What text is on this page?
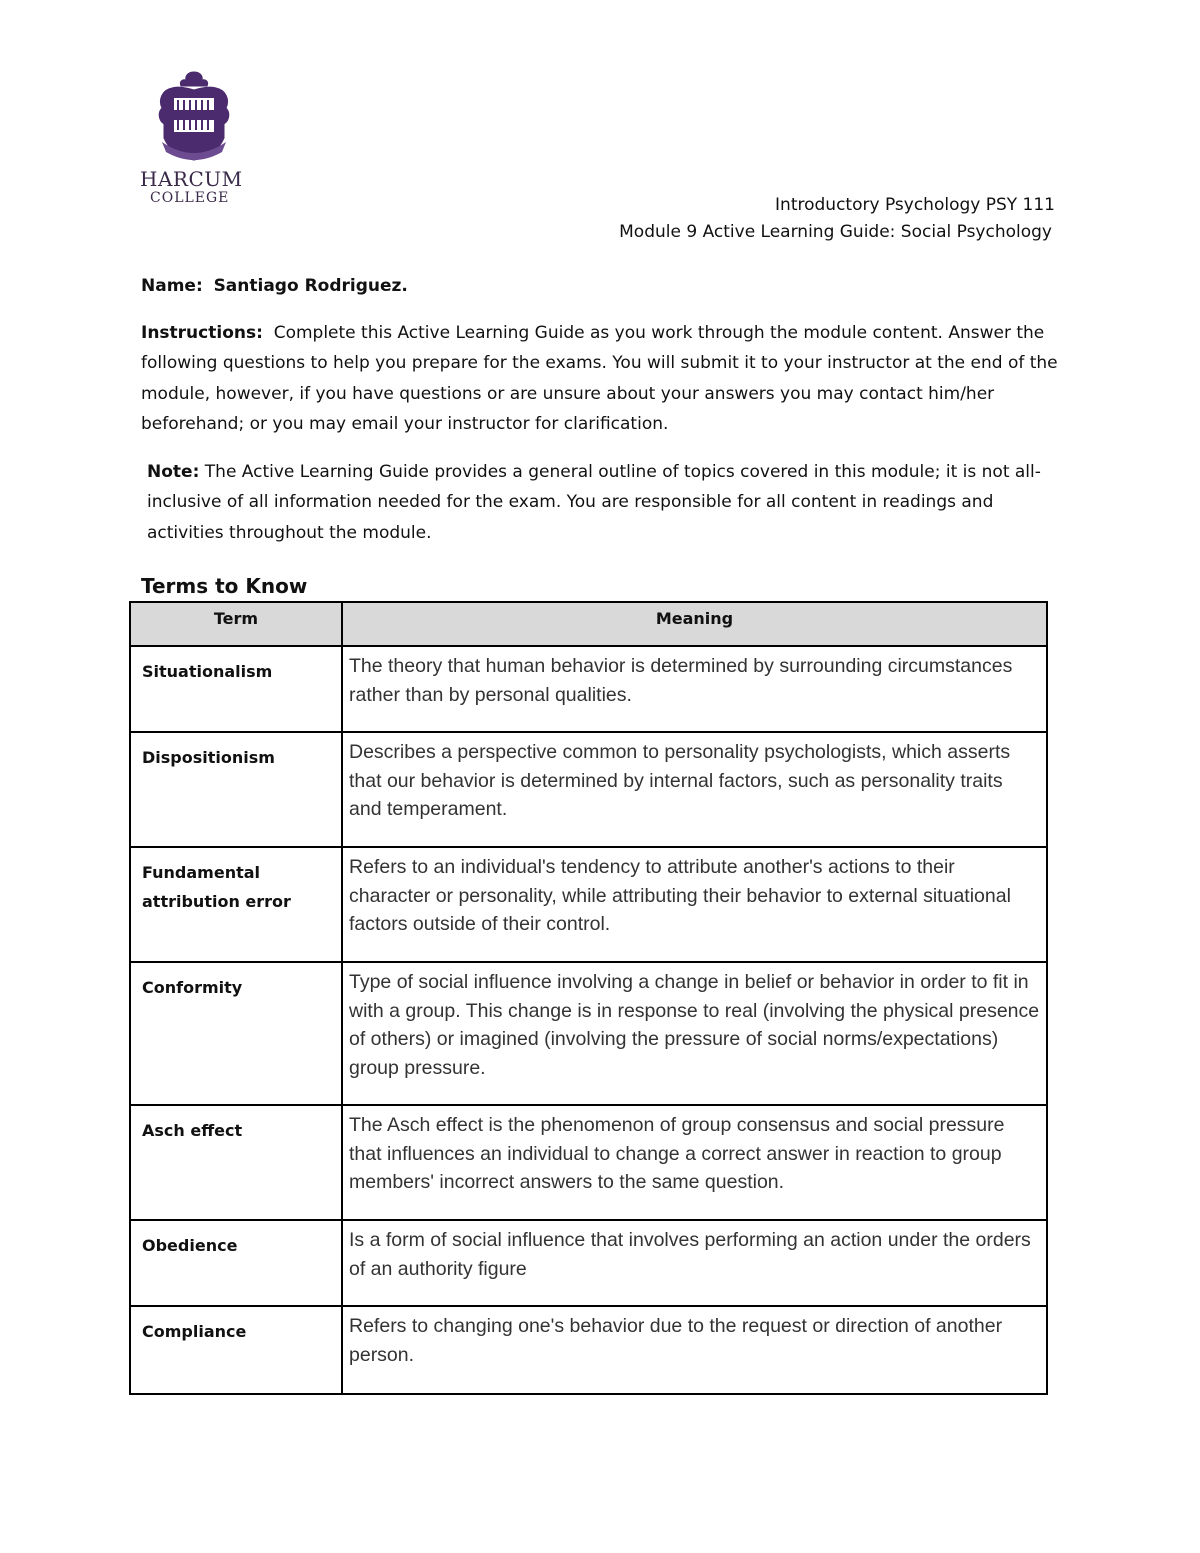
HARCUM
COLLEGE	Introductory Psychology PSY 111
Module 9 Active Learning Guide: Social Psychology

Name: Santiago Rodriguez.

Instructions: Complete this Active Learning Guide as you work through the module content. Answer the following questions to help you prepare for the exams. You will submit it to your instructor at the end of the module, however, if you have questions or are unsure about your answers you may contact him/her beforehand; or you may email your instructor for clarification.

Note: The Active Learning Guide provides a general outline of topics covered in this module; it is not all-inclusive of all information needed for the exam. You are responsible for all content in readings and activities throughout the module.

Terms to Know
Term	Meaning
Situationalism	The theory that human behavior is determined by surrounding circumstances rather than by personal qualities.
Dispositionism	Describes a perspective common to personality psychologists, which asserts that our behavior is determined by internal factors, such as personality traits and temperament.
Fundamental attribution error	Refers to an individual's tendency to attribute another's actions to their character or personality, while attributing their behavior to external situational factors outside of their control.
Conformity	Type of social influence involving a change in belief or behavior in order to fit in with a group. This change is in response to real (involving the physical presence of others) or imagined (involving the pressure of social norms/expectations) group pressure.
Asch effect	The Asch effect is the phenomenon of group consensus and social pressure that influences an individual to change a correct answer in reaction to group members' incorrect answers to the same question.
Obedience	Is a form of social influence that involves performing an action under the orders of an authority figure
Compliance	Refers to changing one's behavior due to the request or direction of another person.
